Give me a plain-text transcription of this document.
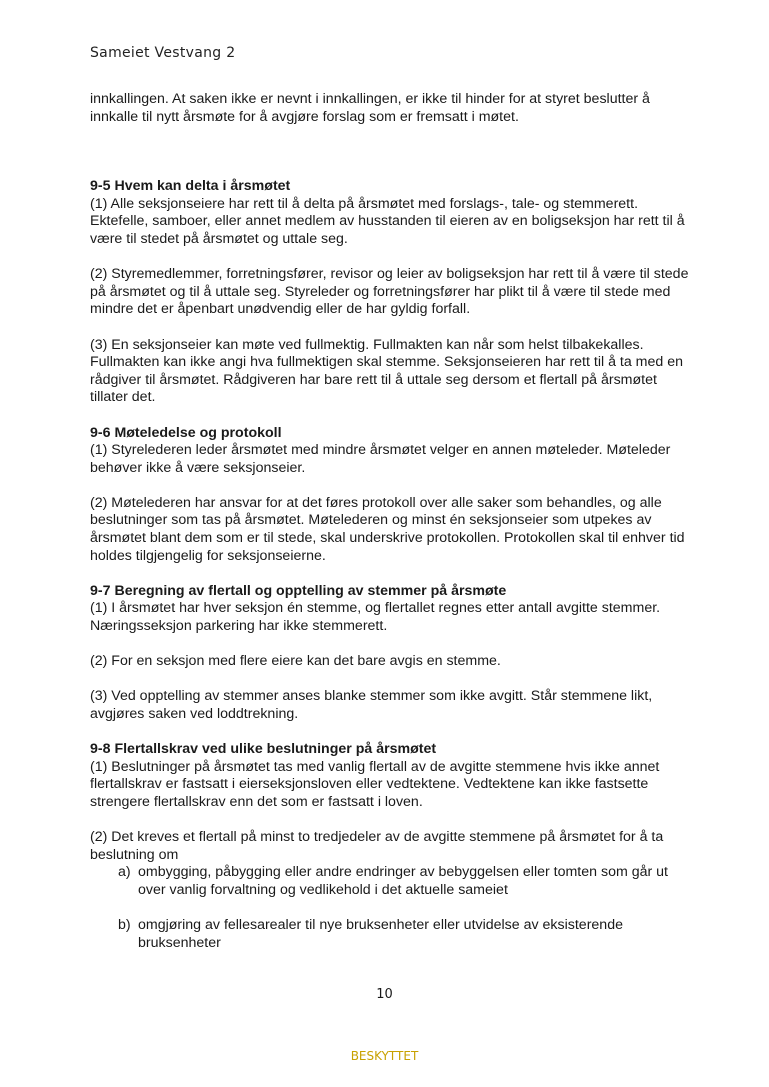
Sameiet Vestvang 2

innkallingen. At saken ikke er nevnt i innkallingen, er ikke til hinder for at styret beslutter å innkalle til nytt årsmøte for å avgjøre forslag som er fremsatt i møtet.

9-5 Hvem kan delta i årsmøtet

(1) Alle seksjonseiere har rett til å delta på årsmøtet med forslags-, tale- og stemmerett. Ektefelle, samboer, eller annet medlem av husstanden til eieren av en boligseksjon har rett til å være til stedet på årsmøtet og uttale seg.

(2) Styremedlemmer, forretningsfører, revisor og leier av boligseksjon har rett til å være til stede på årsmøtet og til å uttale seg. Styreleder og forretningsfører har plikt til å være til stede med mindre det er åpenbart unødvendig eller de har gyldig forfall.

(3) En seksjonseier kan møte ved fullmektig. Fullmakten kan når som helst tilbakekalles. Fullmakten kan ikke angi hva fullmektigen skal stemme. Seksjonseieren har rett til å ta med en rådgiver til årsmøtet. Rådgiveren har bare rett til å uttale seg dersom et flertall på årsmøtet tillater det.

9-6 Møteledelse og protokoll

(1) Styrelederen leder årsmøtet med mindre årsmøtet velger en annen møteleder. Møteleder behøver ikke å være seksjonseier.

(2) Møtelederen har ansvar for at det føres protokoll over alle saker som behandles, og alle beslutninger som tas på årsmøtet. Møtelederen og minst én seksjonseier som utpekes av årsmøtet blant dem som er til stede, skal underskrive protokollen. Protokollen skal til enhver tid holdes tilgjengelig for seksjonseierne.

9-7 Beregning av flertall og opptelling av stemmer på årsmøte

(1) I årsmøtet har hver seksjon én stemme, og flertallet regnes etter antall avgitte stemmer. Næringsseksjon parkering har ikke stemmerett.

(2) For en seksjon med flere eiere kan det bare avgis en stemme.

(3) Ved opptelling av stemmer anses blanke stemmer som ikke avgitt. Står stemmene likt, avgjøres saken ved loddtrekning.

9-8 Flertallskrav ved ulike beslutninger på årsmøtet

(1) Beslutninger på årsmøtet tas med vanlig flertall av de avgitte stemmene hvis ikke annet flertallskrav er fastsatt i eierseksjonsloven eller vedtektene. Vedtektene kan ikke fastsette strengere flertallskrav enn det som er fastsatt i loven.

(2) Det kreves et flertall på minst to tredjedeler av de avgitte stemmene på årsmøtet for å ta beslutning om

a) ombygging, påbygging eller andre endringer av bebyggelsen eller tomten som går ut over vanlig forvaltning og vedlikehold i det aktuelle sameiet
b) omgjøring av fellesarealer til nye bruksenheter eller utvidelse av eksisterende bruksenheter
10
BESKYTTET
